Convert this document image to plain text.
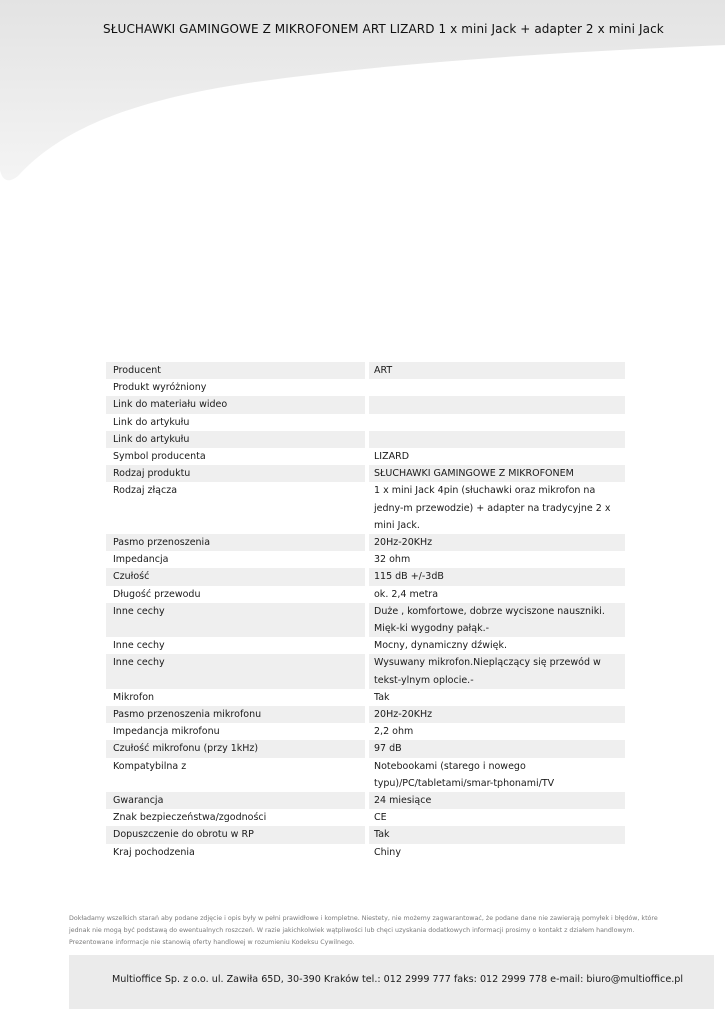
SŁUCHAWKI GAMINGOWE Z MIKROFONEM ART LIZARD 1 x mini Jack + adapter 2 x mini Jack
Producent		ART
Produkt wyróżniony		
Link do materiału wideo		
Link do artykułu		
Link do artykułu		
Symbol producenta		LIZARD
Rodzaj produktu		SŁUCHAWKI GAMINGOWE Z MIKROFONEM
Rodzaj złącza		1 x mini Jack 4pin (słuchawki oraz mikrofon na jedny-m przewodzie) + adapter na tradycyjne 2 x mini Jack.
Pasmo przenoszenia		20Hz-20KHz
Impedancja		32 ohm
Czułość		115 dB +/-3dB
Długość przewodu		ok. 2,4 metra
Inne cechy		Duże , komfortowe, dobrze wyciszone nauszniki. Mięk-ki wygodny pałąk.-
Inne cechy		Mocny, dynamiczny dźwięk.
Inne cechy		Wysuwany mikrofon.Nieplączący się przewód w tekst-ylnym oplocie.-
Mikrofon		Tak
Pasmo przenoszenia mikrofonu		20Hz-20KHz
Impedancja mikrofonu		2,2 ohm
Czułość mikrofonu (przy 1kHz)		97 dB
Kompatybilna z		Notebookami (starego i nowego typu)/PC/tabletami/smar-tphonami/TV
Gwarancja		24 miesiące
Znak bezpieczeństwa/zgodności		CE
Dopuszczenie do obrotu w RP		Tak
Kraj pochodzenia		Chiny
Dokładamy wszelkich starań aby podane zdjęcie i opis były w pełni prawidłowe i kompletne. Niestety, nie możemy zagwarantować, że podane dane nie zawierają pomyłek i błędów, które jednak nie mogą być podstawą do ewentualnych roszczeń. W razie jakichkolwiek wątpliwości lub chęci uzyskania dodatkowych informacji prosimy o kontakt z działem handlowym. Prezentowane informacje nie stanowią oferty handlowej w rozumieniu Kodeksu Cywilnego.
Multioffice Sp. z o.o. ul. Zawiła 65D, 30-390 Kraków tel.: 012 2999 777 faks: 012 2999 778 e-mail: biuro@multioffice.pl
